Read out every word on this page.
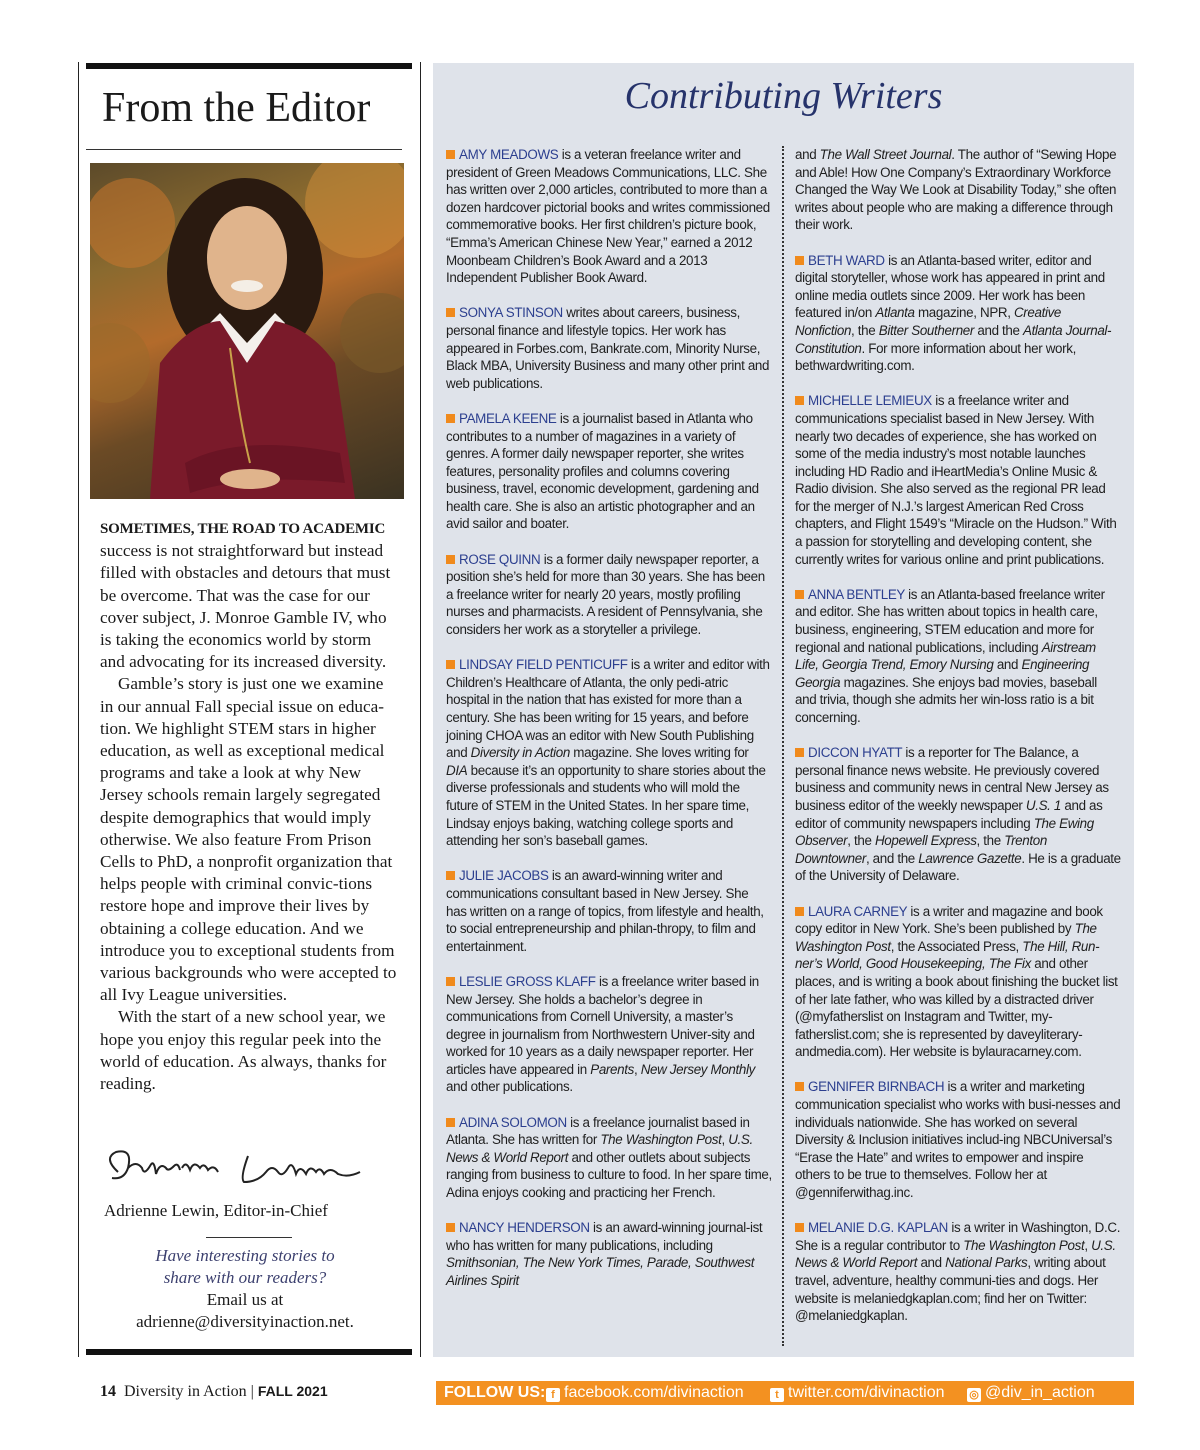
From the Editor

SOMETIMES, THE ROAD TO ACADEMIC success is not straightforward but instead filled with obstacles and detours that must be overcome. That was the case for our cover subject, J. Monroe Gamble IV, who is taking the economics world by storm and advocating for its increased diversity.

Gamble’s story is just one we examine in our annual Fall special issue on educa-tion. We highlight STEM stars in higher education, as well as exceptional medical programs and take a look at why New Jersey schools remain largely segregated despite demographics that would imply otherwise. We also feature From Prison Cells to PhD, a nonprofit organization that helps people with criminal convic-tions restore hope and improve their lives by obtaining a college education. And we introduce you to exceptional students from various backgrounds who were accepted to all Ivy League universities.

With the start of a new school year, we hope you enjoy this regular peek into the world of education. As always, thanks for reading.

Adrienne Lewin, Editor-in-Chief
Have interesting stories to
share with our readers?
Email us at
adrienne@diversityinaction.net.
14 Diversity in Action | FALL 2021
Contributing Writers

AMY MEADOWS is a veteran freelance writer and president of Green Meadows Communications, LLC. She has written over 2,000 articles, contributed to more than a dozen hardcover pictorial books and writes commissioned commemorative books. Her first children’s picture book, “Emma’s American Chinese New Year,” earned a 2012 Moonbeam Children’s Book Award and a 2013 Independent Publisher Book Award.

SONYA STINSON writes about careers, business, personal finance and lifestyle topics. Her work has appeared in Forbes.com, Bankrate.com, Minority Nurse, Black MBA, University Business and many other print and web publications.

PAMELA KEENE is a journalist based in Atlanta who contributes to a number of magazines in a variety of genres. A former daily newspaper reporter, she writes features, personality profiles and columns covering business, travel, economic development, gardening and health care. She is also an artistic photographer and an avid sailor and boater.

ROSE QUINN is a former daily newspaper reporter, a position she’s held for more than 30 years. She has been a freelance writer for nearly 20 years, mostly profiling nurses and pharmacists. A resident of Pennsylvania, she considers her work as a storyteller a privilege.

LINDSAY FIELD PENTICUFF is a writer and editor with Children’s Healthcare of Atlanta, the only pedi-atric hospital in the nation that has existed for more than a century. She has been writing for 15 years, and before joining CHOA was an editor with New South Publishing and Diversity in Action magazine. She loves writing for DIA because it’s an opportunity to share stories about the diverse professionals and students who will mold the future of STEM in the United States. In her spare time, Lindsay enjoys baking, watching college sports and attending her son’s baseball games.

JULIE JACOBS is an award-winning writer and communications consultant based in New Jersey. She has written on a range of topics, from lifestyle and health, to social entrepreneurship and philan-thropy, to film and entertainment.

LESLIE GROSS KLAFF is a freelance writer based in New Jersey. She holds a bachelor’s degree in communications from Cornell University, a master’s degree in journalism from Northwestern Univer-sity and worked for 10 years as a daily newspaper reporter. Her articles have appeared in Parents, New Jersey Monthly and other publications.

ADINA SOLOMON is a freelance journalist based in Atlanta. She has written for The Washington Post, U.S. News & World Report and other outlets about subjects ranging from business to culture to food. In her spare time, Adina enjoys cooking and practicing her French.

NANCY HENDERSON is an award-winning journal-ist who has written for many publications, including Smithsonian, The New York Times, Parade, Southwest Airlines Spirit

and The Wall Street Journal. The author of “Sewing Hope and Able! How One Company’s Extraordinary Workforce Changed the Way We Look at Disability Today,” she often writes about people who are making a difference through their work.

BETH WARD is an Atlanta-based writer, editor and digital storyteller, whose work has appeared in print and online media outlets since 2009. Her work has been featured in/on Atlanta magazine, NPR, Creative Nonfiction, the Bitter Southerner and the Atlanta Journal-Constitution. For more information about her work, bethwardwriting.com.

MICHELLE LEMIEUX is a freelance writer and communications specialist based in New Jersey. With nearly two decades of experience, she has worked on some of the media industry’s most notable launches including HD Radio and iHeartMedia’s Online Music & Radio division. She also served as the regional PR lead for the merger of N.J.’s largest American Red Cross chapters, and Flight 1549’s “Miracle on the Hudson.” With a passion for storytelling and developing content, she currently writes for various online and print publications.

ANNA BENTLEY is an Atlanta-based freelance writer and editor. She has written about topics in health care, business, engineering, STEM education and more for regional and national publications, including Airstream Life, Georgia Trend, Emory Nursing and Engineering Georgia magazines. She enjoys bad movies, baseball and trivia, though she admits her win-loss ratio is a bit concerning.

DICCON HYATT is a reporter for The Balance, a personal finance news website. He previously covered business and community news in central New Jersey as business editor of the weekly newspaper U.S. 1 and as editor of community newspapers including The Ewing Observer, the Hopewell Express, the Trenton Downtowner, and the Lawrence Gazette. He is a graduate of the University of Delaware.

LAURA CARNEY is a writer and magazine and book copy editor in New York. She’s been published by The Washington Post, the Associated Press, The Hill, Run-ner’s World, Good Housekeeping, The Fix and other places, and is writing a book about finishing the bucket list of her late father, who was killed by a distracted driver (@myfatherslist on Instagram and Twitter, my-fatherslist.com; she is represented by daveyliterary-andmedia.com). Her website is bylauracarney.com.

GENNIFER BIRNBACH is a writer and marketing communication specialist who works with busi-nesses and individuals nationwide. She has worked on several Diversity & Inclusion initiatives includ-ing NBCUniversal’s “Erase the Hate” and writes to empower and inspire others to be true to themselves. Follow her at @genniferwithag.inc.

MELANIE D.G. KAPLAN is a writer in Washington, D.C. She is a regular contributor to The Washington Post, U.S. News & World Report and National Parks, writing about travel, adventure, healthy communi-ties and dogs. Her website is melaniedgkaplan.com; find her on Twitter: @melaniedgkaplan.

FOLLOW US: f facebook.com/divinaction	t twitter.com/divinaction ◎ @div_in_action
